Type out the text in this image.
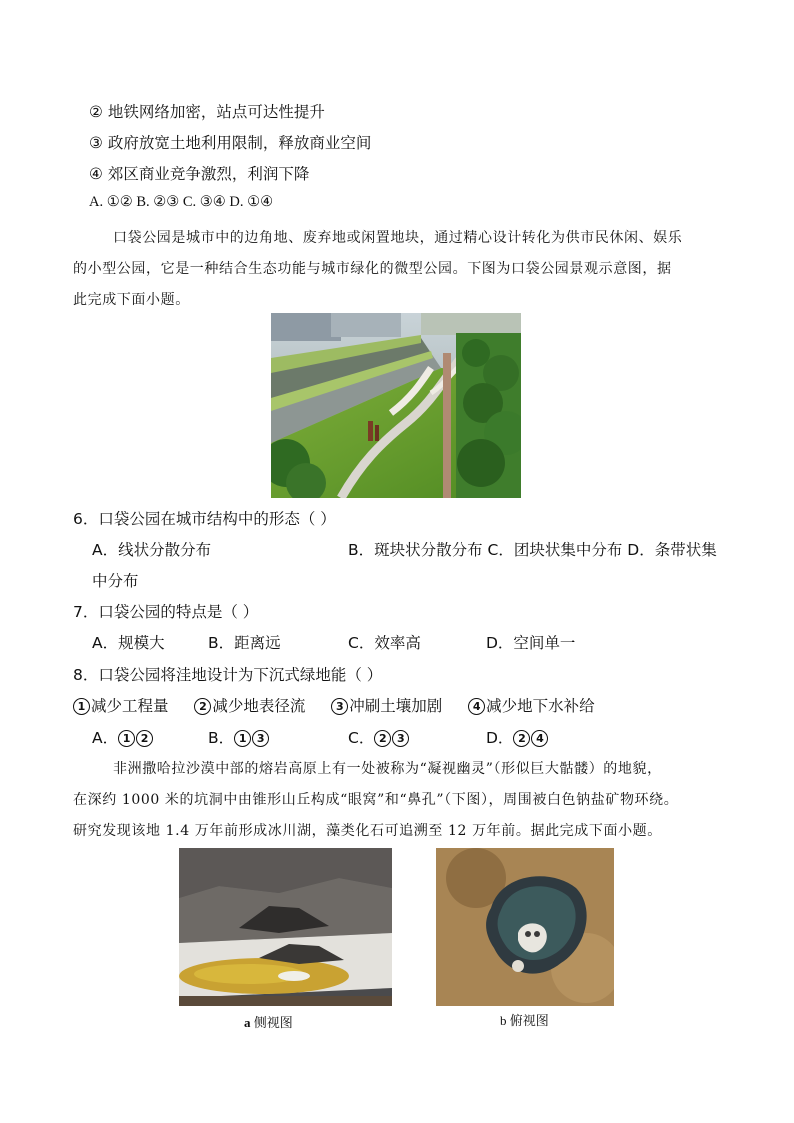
② 地铁网络加密，站点可达性提升
③ 政府放宽土地利用限制，释放商业空间
④ 郊区商业竞争激烈，利润下降
A. ①② B. ②③ C. ③④ D. ①④
口袋公园是城市中的边角地、废弃地或闲置地块，通过精心设计转化为供市民休闲、娱乐
的小型公园，它是一种结合生态功能与城市绿化的微型公园。下图为口袋公园景观示意图，据
此完成下面小题。
6．口袋公园在城市结构中的形态（ ）
A．线状分散分布	B．斑块状分散分布 C．团块状集中分布 D．条带状集
中分布
7．口袋公园的特点是（ ）
A．规模大	B．距离远	C．效率高	D．空间单一
8．口袋公园将洼地设计为下沉式绿地能（ ）
1 减少工程量	2 减少地表径流	3 冲刷土壤加剧	4 减少地下水补给
A． 1 2	B． 1 3	C． 2 3	D． 2 4
非洲撒哈拉沙漠中部的熔岩高原上有一处被称为“凝视幽灵”（形似巨大骷髅）的地貌，
在深约 1000 米的坑洞中由锥形山丘构成“眼窝”和“鼻孔”（下图），周围被白色钠盐矿物环绕。
研究发现该地 1.4 万年前形成冰川湖，藻类化石可追溯至 12 万年前。据此完成下面小题。
a 侧视图	b 俯视图
